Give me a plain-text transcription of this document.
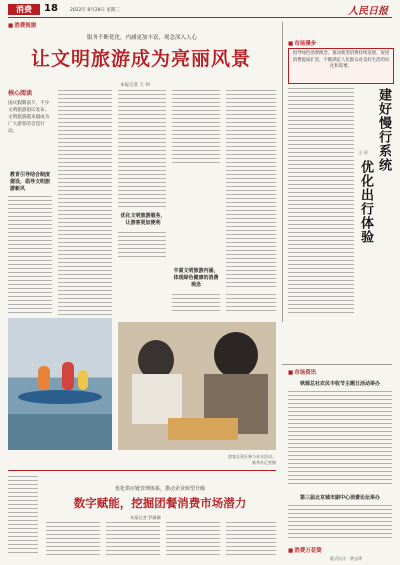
消费	18	2022年 8月28日 星期三	人民日报
■ 消费视窗
服务不断优化，内涵更加丰富，观念深入人心
让文明旅游成为亮丽风景
本报记者 王 珂
核心阅读
国庆假期前夕，不少文明旅游倡议发布。文明旅游越来越成为广大游客的自觉行动。
教育引导结合制度建设，倡导文明旅游新风
优化文明旅游服务，让游客更加便利
丰富文明旅游内涵，体现绿色健康的消费观念
游客在景区参与亲水活动。
新华社记者摄
■ 市场漫步
倡导绿色消费理念，推动新型消费持续发展，促进消费提质扩容，不断满足人民群众对美好生活的向往和需要。
建好慢行系统
优化出行体验
王 珂
■ 市场资讯
铁骑总社农民丰收节主题日活动举办
第三届北京城市副中心消费论坛举办
优化供应链管理体系，推动企业转型升级
数字赋能，挖掘团餐消费市场潜力
本报记者 罗珊珊
■ 消费万花筒
版式设计：黄宝珍
